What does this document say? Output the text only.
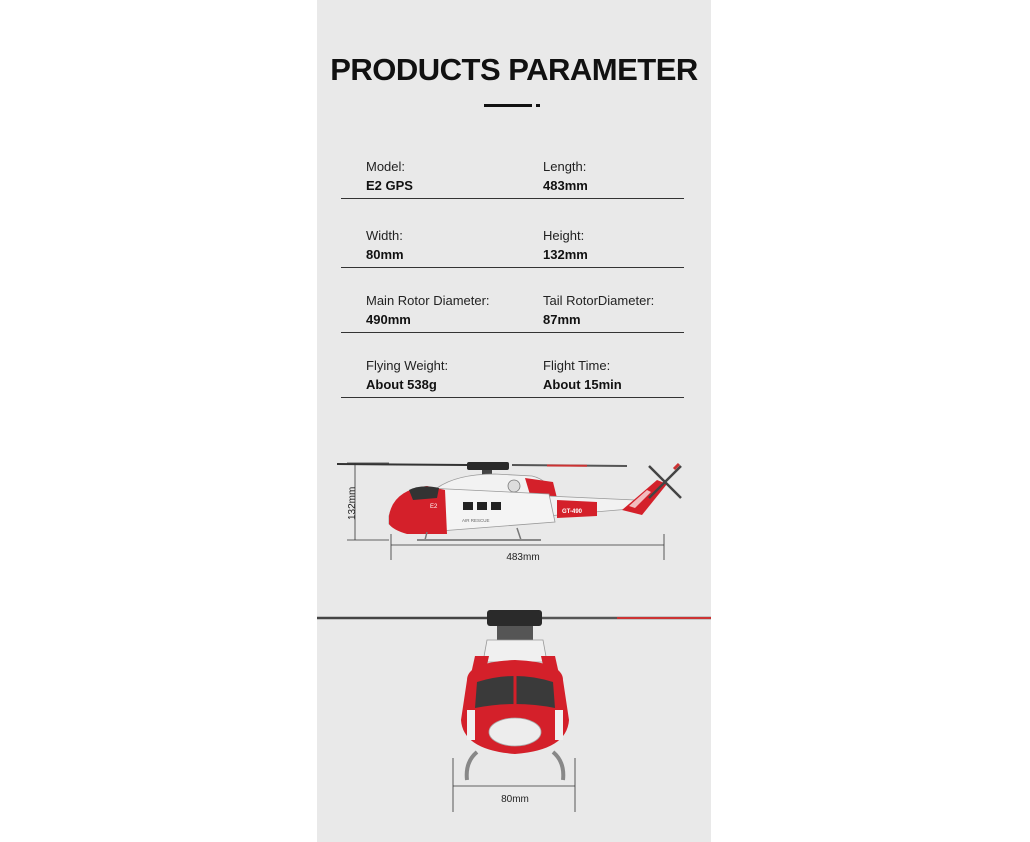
PRODUCTS PARAMETER
Model:
E2 GPS
Length:
483mm
Width:
80mm
Height:
132mm
Main Rotor Diameter:
490mm
Tail RotorDiameter:
87mm
Flying Weight:
About 538g
Flight Time:
About 15min
GT-490
E2
AIR RESCUE
132mm
483mm
80mm
